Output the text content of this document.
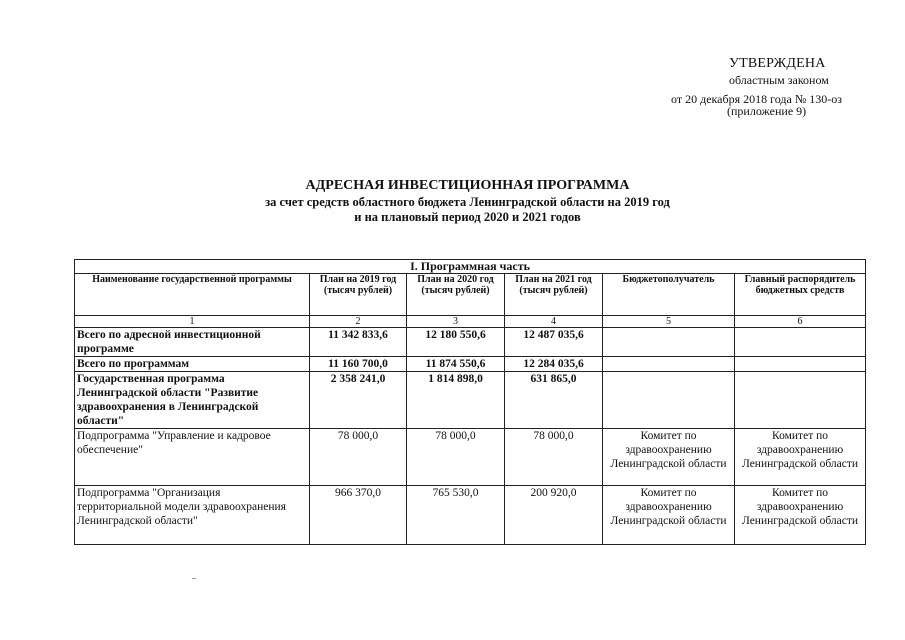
УТВЕРЖДЕНА
областным законом
от 20 декабря 2018 года № 130-оз
(приложение 9)
АДРЕСНАЯ ИНВЕСТИЦИОННАЯ ПРОГРАММА
за счет средств областного бюджета Ленинградской области на 2019 год
и на плановый период 2020 и 2021 годов
I. Программная часть					
Наименование государственной программы	План на 2019 год (тысяч рублей)	План на 2020 год (тысяч рублей)	План на 2021 год (тысяч рублей)	Бюджетополучатель	Главный распорядитель бюджетных средств
1	2	3	4	5	6
Всего по адресной инвестиционной программе	11 342 833,6	12 180 550,6	12 487 035,6		
Всего по программам	11 160 700,0	11 874 550,6	12 284 035,6		
Государственная программа Ленинградской области "Развитие здравоохранения в Ленинградской области"	2 358 241,0	1 814 898,0	631 865,0		
Подпрограмма "Управление и кадровое обеспечение"	78 000,0	78 000,0	78 000,0	Комитет по здравоохранению Ленинградской области	Комитет по здравоохранению Ленинградской области
Подпрограмма "Организация территориальной модели здравоохранения Ленинградской области"	966 370,0	765 530,0	200 920,0	Комитет по здравоохранению Ленинградской области	Комитет по здравоохранению Ленинградской области
